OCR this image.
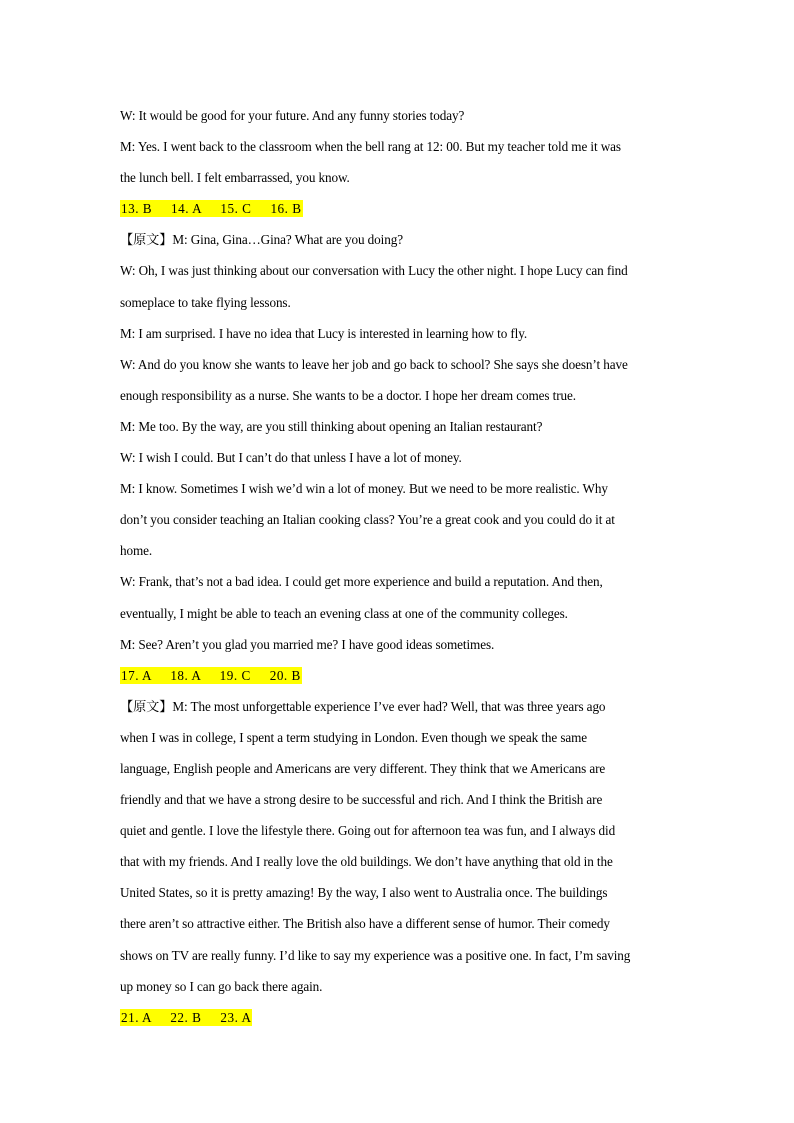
W: It would be good for your future. And any funny stories today?
M: Yes. I went back to the classroom when the bell rang at 12: 00. But my teacher told me it was
the lunch bell. I felt embarrassed, you know.
13. B     14. A     15. C     16. B
【原文】M: Gina, Gina…Gina? What are you doing?
W: Oh, I was just thinking about our conversation with Lucy the other night. I hope Lucy can find
someplace to take flying lessons.
M: I am surprised. I have no idea that Lucy is interested in learning how to fly.
W: And do you know she wants to leave her job and go back to school? She says she doesn’t have
enough responsibility as a nurse. She wants to be a doctor. I hope her dream comes true.
M: Me too. By the way, are you still thinking about opening an Italian restaurant?
W: I wish I could. But I can’t do that unless I have a lot of money.
M: I know. Sometimes I wish we’d win a lot of money. But we need to be more realistic. Why
don’t you consider teaching an Italian cooking class? You’re a great cook and you could do it at
home.
W: Frank, that’s not a bad idea. I could get more experience and build a reputation. And then,
eventually, I might be able to teach an evening class at one of the community colleges.
M: See? Aren’t you glad you married me? I have good ideas sometimes.
17. A     18. A     19. C     20. B
【原文】M: The most unforgettable experience I’ve ever had? Well, that was three years ago
when I was in college, I spent a term studying in London. Even though we speak the same
language, English people and Americans are very different. They think that we Americans are
friendly and that we have a strong desire to be successful and rich. And I think the British are
quiet and gentle. I love the lifestyle there. Going out for afternoon tea was fun, and I always did
that with my friends. And I really love the old buildings. We don’t have anything that old in the
United States, so it is pretty amazing! By the way, I also went to Australia once. The buildings
there aren’t so attractive either. The British also have a different sense of humor. Their comedy
shows on TV are really funny. I’d like to say my experience was a positive one. In fact, I’m saving
up money so I can go back there again.
21. A     22. B     23. A
